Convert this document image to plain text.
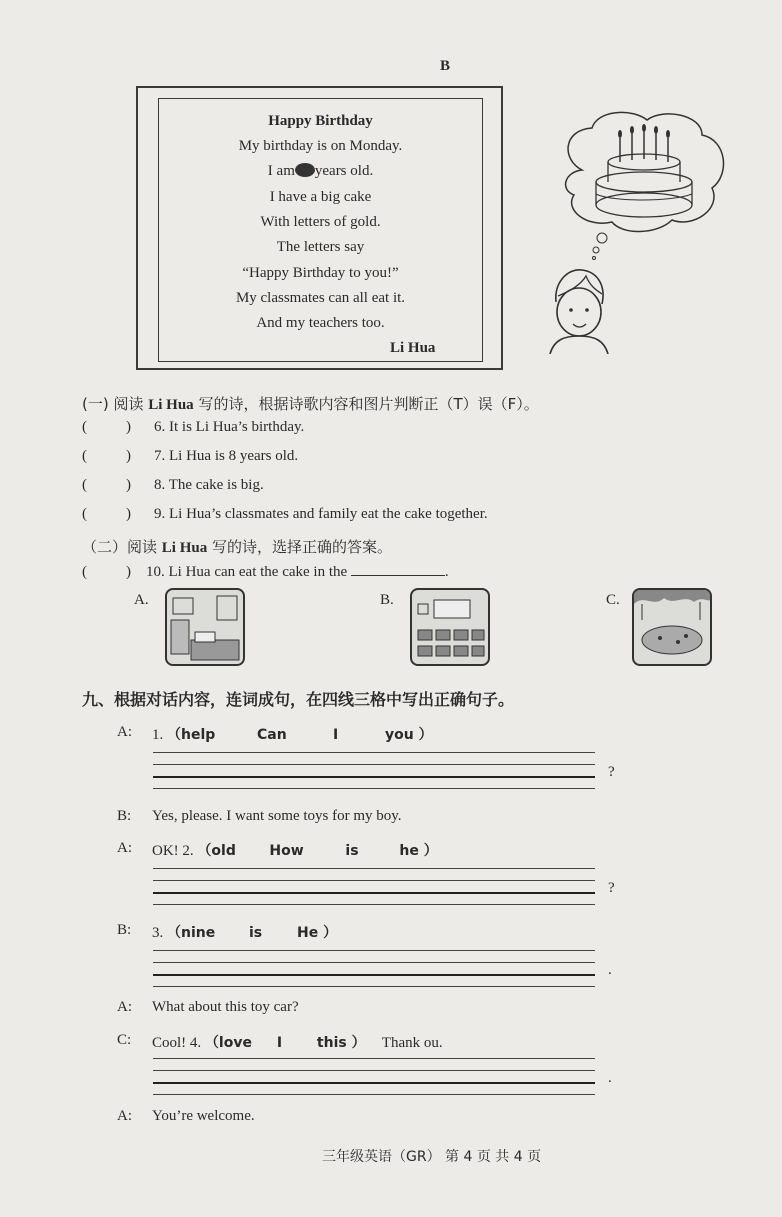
B
Happy Birthday
My birthday is on Monday.
I am years old.
I have a big cake
With letters of gold.
The letters say
“Happy Birthday to you!”
My classmates can all eat it.
And my teachers too.
Li Hua
(一) 阅读 Li Hua 写的诗，根据诗歌内容和图片判断正（T）误（F）。
(	) 6. It is Li Hua’s birthday.
(	) 7. Li Hua is 8 years old.
(	) 8. The cake is big.
(	) 9. Li Hua’s classmates and family eat the cake together.
（二）阅读 Li Hua 写的诗，选择正确的答案。
(	) 10. Li Hua can eat the cake in the	.
A.	B.	C.
九、根据对话内容，连词成句，在四线三格中写出正确句子。
A: 1. （help	Can	I	you ）
?
B: Yes, please. I want some toys for my boy.
A: OK! 2. （old How	is	he ）
?
B: 3. （nine is He ）
.
A: What about this toy car?
C: Cool! 4. （love I this ） Thank ou.
.
A: You’re welcome.
三年级英语（GR） 第 4 页 共 4 页
